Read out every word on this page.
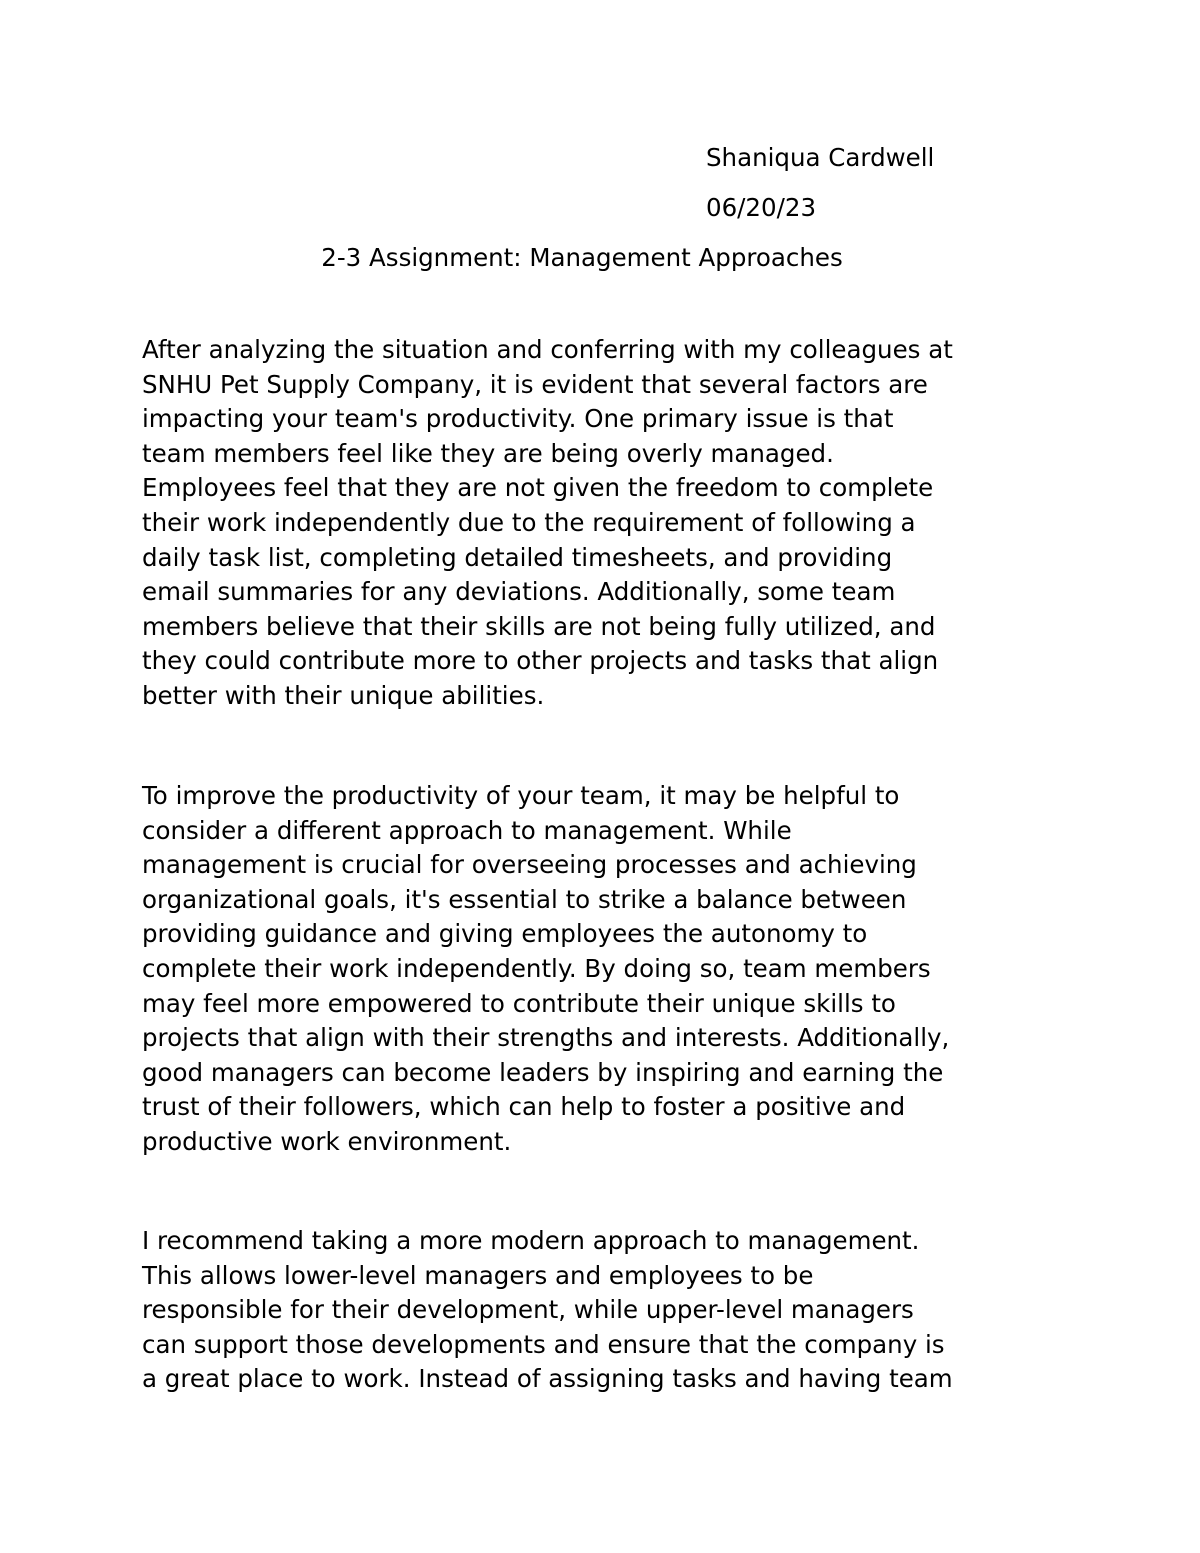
Shaniqua Cardwell
06/20/23
2-3 Assignment: Management Approaches
After analyzing the situation and conferring with my colleagues at
SNHU Pet Supply Company, it is evident that several factors are
impacting your team's productivity. One primary issue is that
team members feel like they are being overly managed.
Employees feel that they are not given the freedom to complete
their work independently due to the requirement of following a
daily task list, completing detailed timesheets, and providing
email summaries for any deviations. Additionally, some team
members believe that their skills are not being fully utilized, and
they could contribute more to other projects and tasks that align
better with their unique abilities.
To improve the productivity of your team, it may be helpful to
consider a different approach to management. While
management is crucial for overseeing processes and achieving
organizational goals, it's essential to strike a balance between
providing guidance and giving employees the autonomy to
complete their work independently. By doing so, team members
may feel more empowered to contribute their unique skills to
projects that align with their strengths and interests. Additionally,
good managers can become leaders by inspiring and earning the
trust of their followers, which can help to foster a positive and
productive work environment.
I recommend taking a more modern approach to management.
This allows lower-level managers and employees to be
responsible for their development, while upper-level managers
can support those developments and ensure that the company is
a great place to work. Instead of assigning tasks and having team
